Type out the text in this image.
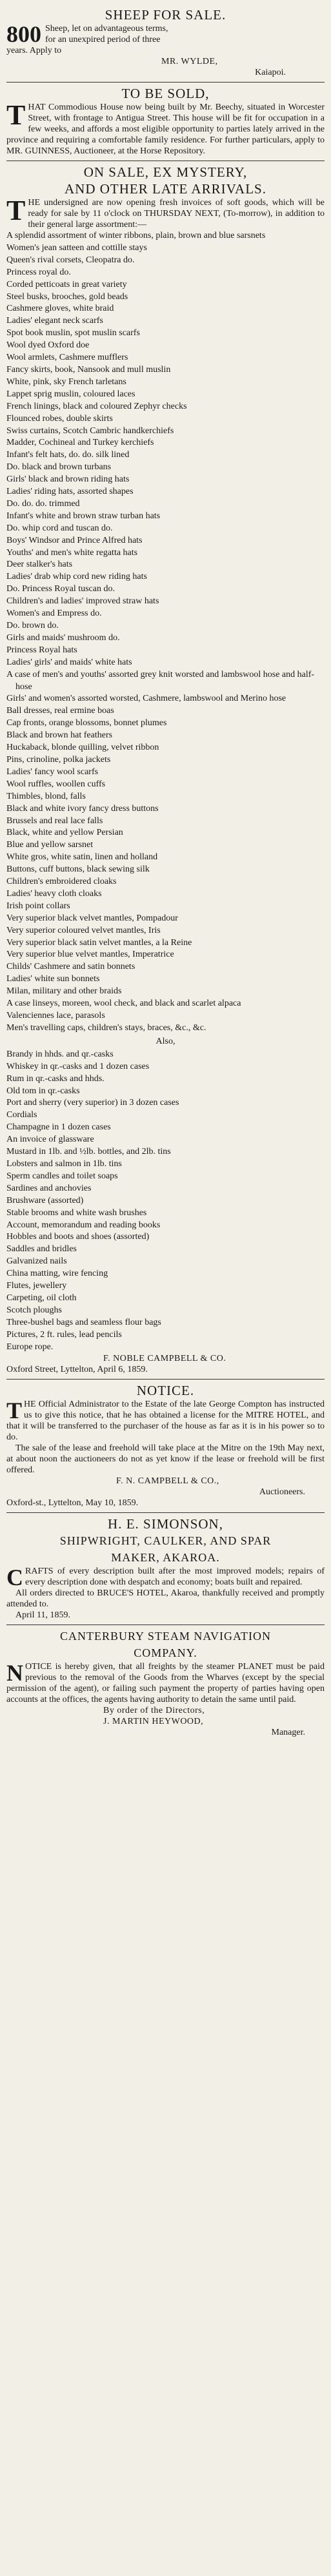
SHEEP FOR SALE.

800 Sheep, let on advantageous terms,

for an unexpired period of three

years. Apply to

MR. WYLDE,

Kaiapoi.

TO BE SOLD,

THAT Commodious House now being built by Mr. Beechy, situated in Worcester Street, with frontage to Antigua Street. This house will be fit for occupation in a few weeks, and affords a most eligible opportunity to parties lately arrived in the province and requiring a comfortable family residence. For further particulars, apply to MR. GUINNESS, Auctioneer, at the Horse Repository.

ON SALE, EX MYSTERY,

AND OTHER LATE ARRIVALS.

THE undersigned are now opening fresh invoices of soft goods, which will be ready for sale by 11 o'clock on THURSDAY NEXT, (To-morrow), in addition to their general large assortment:—

A splendid assortment of winter ribbons, plain, brown and blue sarsnets
Women's jean satteen and cottille stays
Queen's rival corsets, Cleopatra do.
Princess royal do.
Corded petticoats in great variety
Steel busks, brooches, gold beads
Cashmere gloves, white braid
Ladies' elegant neck scarfs
Spot book muslin, spot muslin scarfs
Wool dyed Oxford doe
Wool armlets, Cashmere mufflers
Fancy skirts, book, Nansook and mull muslin
White, pink, sky French tarletans
Lappet sprig muslin, coloured laces
French linings, black and coloured Zephyr checks
Flounced robes, double skirts
Swiss curtains, Scotch Cambric handkerchiefs
Madder, Cochineal and Turkey kerchiefs
Infant's felt hats, do. do. silk lined
Do. black and brown turbans
Girls' black and brown riding hats
Ladies' riding hats, assorted shapes
Do. do. do. trimmed
Infant's white and brown straw turban hats
Do. whip cord and tuscan do.
Boys' Windsor and Prince Alfred hats
Youths' and men's white regatta hats
Deer stalker's hats
Ladies' drab whip cord new riding hats
Do. Princess Royal tuscan do.
Children's and ladies' improved straw hats
Women's and Empress do.
Do. brown do.
Girls and maids' mushroom do.
Princess Royal hats
Ladies' girls' and maids' white hats
A case of men's and youths' assorted grey knit worsted and lambswool hose and half-hose
Girls' and women's assorted worsted, Cashmere, lambswool and Merino hose
Ball dresses, real ermine boas
Cap fronts, orange blossoms, bonnet plumes
Black and brown hat feathers
Huckaback, blonde quilling, velvet ribbon
Pins, crinoline, polka jackets
Ladies' fancy wool scarfs
Wool ruffles, woollen cuffs
Thimbles, blond, falls
Black and white ivory fancy dress buttons
Brussels and real lace falls
Black, white and yellow Persian
Blue and yellow sarsnet
White gros, white satin, linen and holland
Buttons, cuff buttons, black sewing silk
Children's embroidered cloaks
Ladies' heavy cloth cloaks
Irish point collars
Very superior black velvet mantles, Pompadour
Very superior coloured velvet mantles, Iris
Very superior black satin velvet mantles, a la Reine
Very superior blue velvet mantles, Imperatrice
Childs' Cashmere and satin bonnets
Ladies' white sun bonnets
Milan, military and other braids
A case linseys, moreen, wool check, and black and scarlet alpaca
Valenciennes lace, parasols
Men's travelling caps, children's stays, braces, &c., &c.

Also,

Brandy in hhds. and qr.-casks
Whiskey in qr.-casks and 1 dozen cases
Rum in qr.-casks and hhds.
Old tom in qr.-casks
Port and sherry (very superior) in 3 dozen cases
Cordials
Champagne in 1 dozen cases
An invoice of glassware
Mustard in 1lb. and ½lb. bottles, and 2lb. tins
Lobsters and salmon in 1lb. tins
Sperm candles and toilet soaps
Sardines and anchovies
Brushware (assorted)
Stable brooms and white wash brushes
Account, memorandum and reading books
Hobbles and boots and shoes (assorted)
Saddles and bridles
Galvanized nails
China matting, wire fencing
Flutes, jewellery
Carpeting, oil cloth
Scotch ploughs
Three-bushel bags and seamless flour bags
Pictures, 2 ft. rules, lead pencils
Europe rope.

F. NOBLE CAMPBELL & CO.

Oxford Street, Lyttelton, April 6, 1859.

NOTICE.

THE Official Administrator to the Estate of the late George Compton has instructed us to give this notice, that he has obtained a license for the MITRE HOTEL, and that it will be transferred to the purchaser of the house as far as it is in his power so to do.

The sale of the lease and freehold will take place at the Mitre on the 19th May next, at about noon the auctioneers do not as yet know if the lease or freehold will be first offered.

F. N. CAMPBELL & CO.,

Auctioneers.

Oxford-st., Lyttelton, May 10, 1859.

H. E. SIMONSON,

SHIPWRIGHT, CAULKER, AND SPAR

MAKER, AKAROA.

CRAFTS of every description built after the most improved models; repairs of every description done with despatch and economy; boats built and repaired.

All orders directed to BRUCE'S HOTEL, Akaroa, thankfully received and promptly attended to.

April 11, 1859.

CANTERBURY STEAM NAVIGATION

COMPANY.

NOTICE is hereby given, that all freights by the steamer PLANET must be paid previous to the removal of the Goods from the Wharves (except by the special permission of the agent), or failing such payment the property of parties having open accounts at the offices, the agents having authority to detain the same until paid.

By order of the Directors,

J. MARTIN HEYWOOD,

Manager.
